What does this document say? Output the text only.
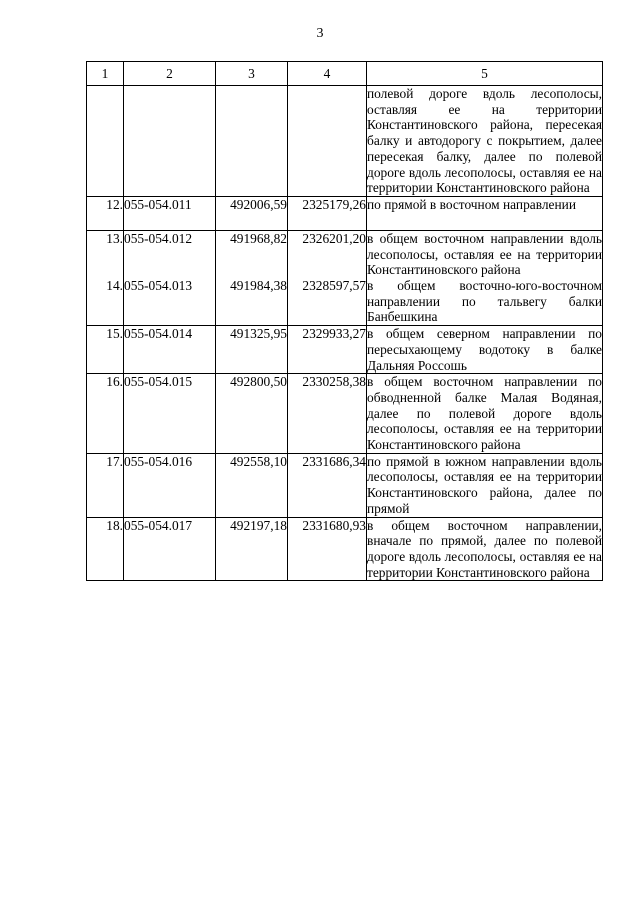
3
1	2	3	4	5
				полевой дороге вдоль лесополосы, оставляя ее на территории Константиновского района, пересекая балку и автодорогу с покрытием, далее пересекая балку, далее по полевой дороге вдоль лесополосы, оставляя ее на территории Константиновского района
12.	055-054.011	492006,59	2325179,26	по прямой в восточном направлении
13.	055-054.012	491968,82	2326201,20	в общем восточном направлении вдоль лесополосы, оставляя ее на территории Константиновского района
14.	055-054.013	491984,38	2328597,57	в общем восточно-юго-восточном направлении по тальвегу балки Банбешкина
15.	055-054.014	491325,95	2329933,27	в общем северном направлении по пересыхающему водотоку в балке Дальняя Россошь
16.	055-054.015	492800,50	2330258,38	в общем восточном направлении по обводненной балке Малая Водяная, далее по полевой дороге вдоль лесополосы, оставляя ее на территории Константиновского района
17.	055-054.016	492558,10	2331686,34	по прямой в южном направлении вдоль лесополосы, оставляя ее на территории Константиновского района, далее по прямой
18.	055-054.017	492197,18	2331680,93	в общем восточном направлении, вначале по прямой, далее по полевой дороге вдоль лесополосы, оставляя ее на территории Константиновского района
